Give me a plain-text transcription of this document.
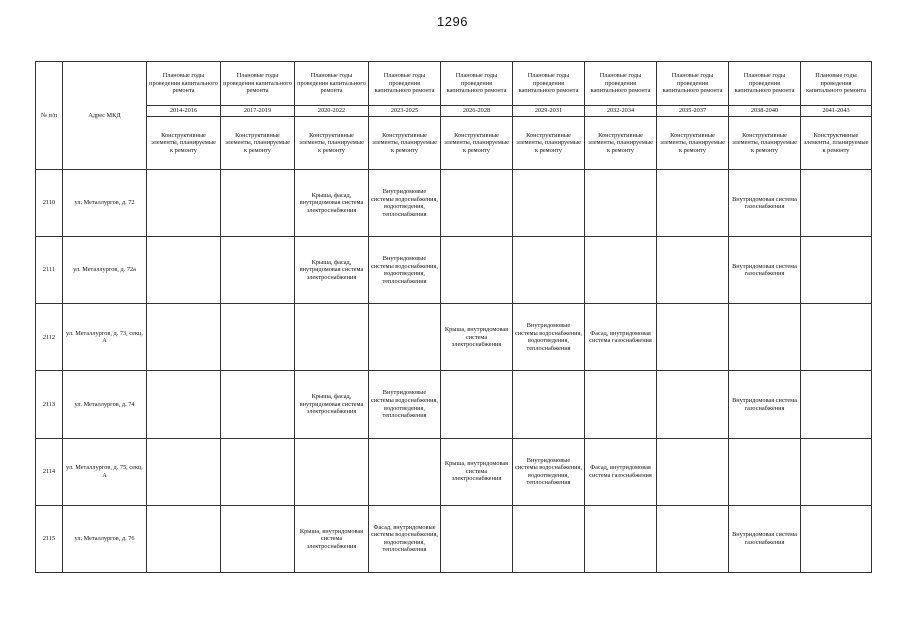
1296
№ п/п	Адрес МКД	Плановые годы проведения капитального ремонта	Плановые годы проведения капитального ремонта	Плановые годы проведения капитального ремонта	Плановые годы проведения капитального ремонта	Плановые годы проведения капитального ремонта	Плановые годы проведения капитального ремонта	Плановые годы проведения капитального ремонта	Плановые годы проведения капитального ремонта	Плановые годы проведения капитального ремонта	Плановые годы проведения капитального ремонта
		2014-2016	2017-2019	2020-2022	2023-2025	2026-2028	2029-2031	2032-2034	2035-2037	2038-2040	2041-2043
		Конструктивные элементы, планируемые к ремонту	Конструктивные элементы, планируемые к ремонту	Конструктивные элементы, планируемые к ремонту	Конструктивные элементы, планируемые к ремонту	Конструктивные элементы, планируемые к ремонту	Конструктивные элементы, планируемые к ремонту	Конструктивные элементы, планируемые к ремонту	Конструктивные элементы, планируемые к ремонту	Конструктивные элементы, планируемые к ремонту	Конструктивные элементы, планируемые к ремонту
2110	ул. Металлургов, д. 72			Крыша, фасад, внутридомовая система электроснабжения	Внутридомовые системы водоснабжения, водоотведения, теплоснабжения					Внутридомовая система газоснабжения	
2111	ул. Металлургов, д. 72а			Крыша, фасад, внутридомовая система электроснабжения	Внутридомовые системы водоснабжения, водоотведения, теплоснабжения					Внутридомовая система газоснабжения	
2112	ул. Металлургов, д. 73, секц. А					Крыша, внутридомовая система электроснабжения	Внутридомовые системы водоснабжения, водоотведения, теплоснабжения	Фасад, внутридомовая система газоснабжения			
2113	ул. Металлургов, д. 74			Крыша, фасад, внутридомовая система электроснабжения	Внутридомовые системы водоснабжения, водоотведения, теплоснабжения					Внутридомовая система газоснабжения	
2114	ул. Металлургов, д. 75, секц. А					Крыша, внутридомовая система электроснабжения	Внутридомовые системы водоснабжения, водоотведения, теплоснабжения	Фасад, внутридомовая система газоснабжения			
2115	ул. Металлургов, д. 76			Крыша, внутридомовая система электроснабжения	Фасад, внутридомовые системы водоснабжения, водоотведения, теплоснабжения					Внутридомовая система газоснабжения	
